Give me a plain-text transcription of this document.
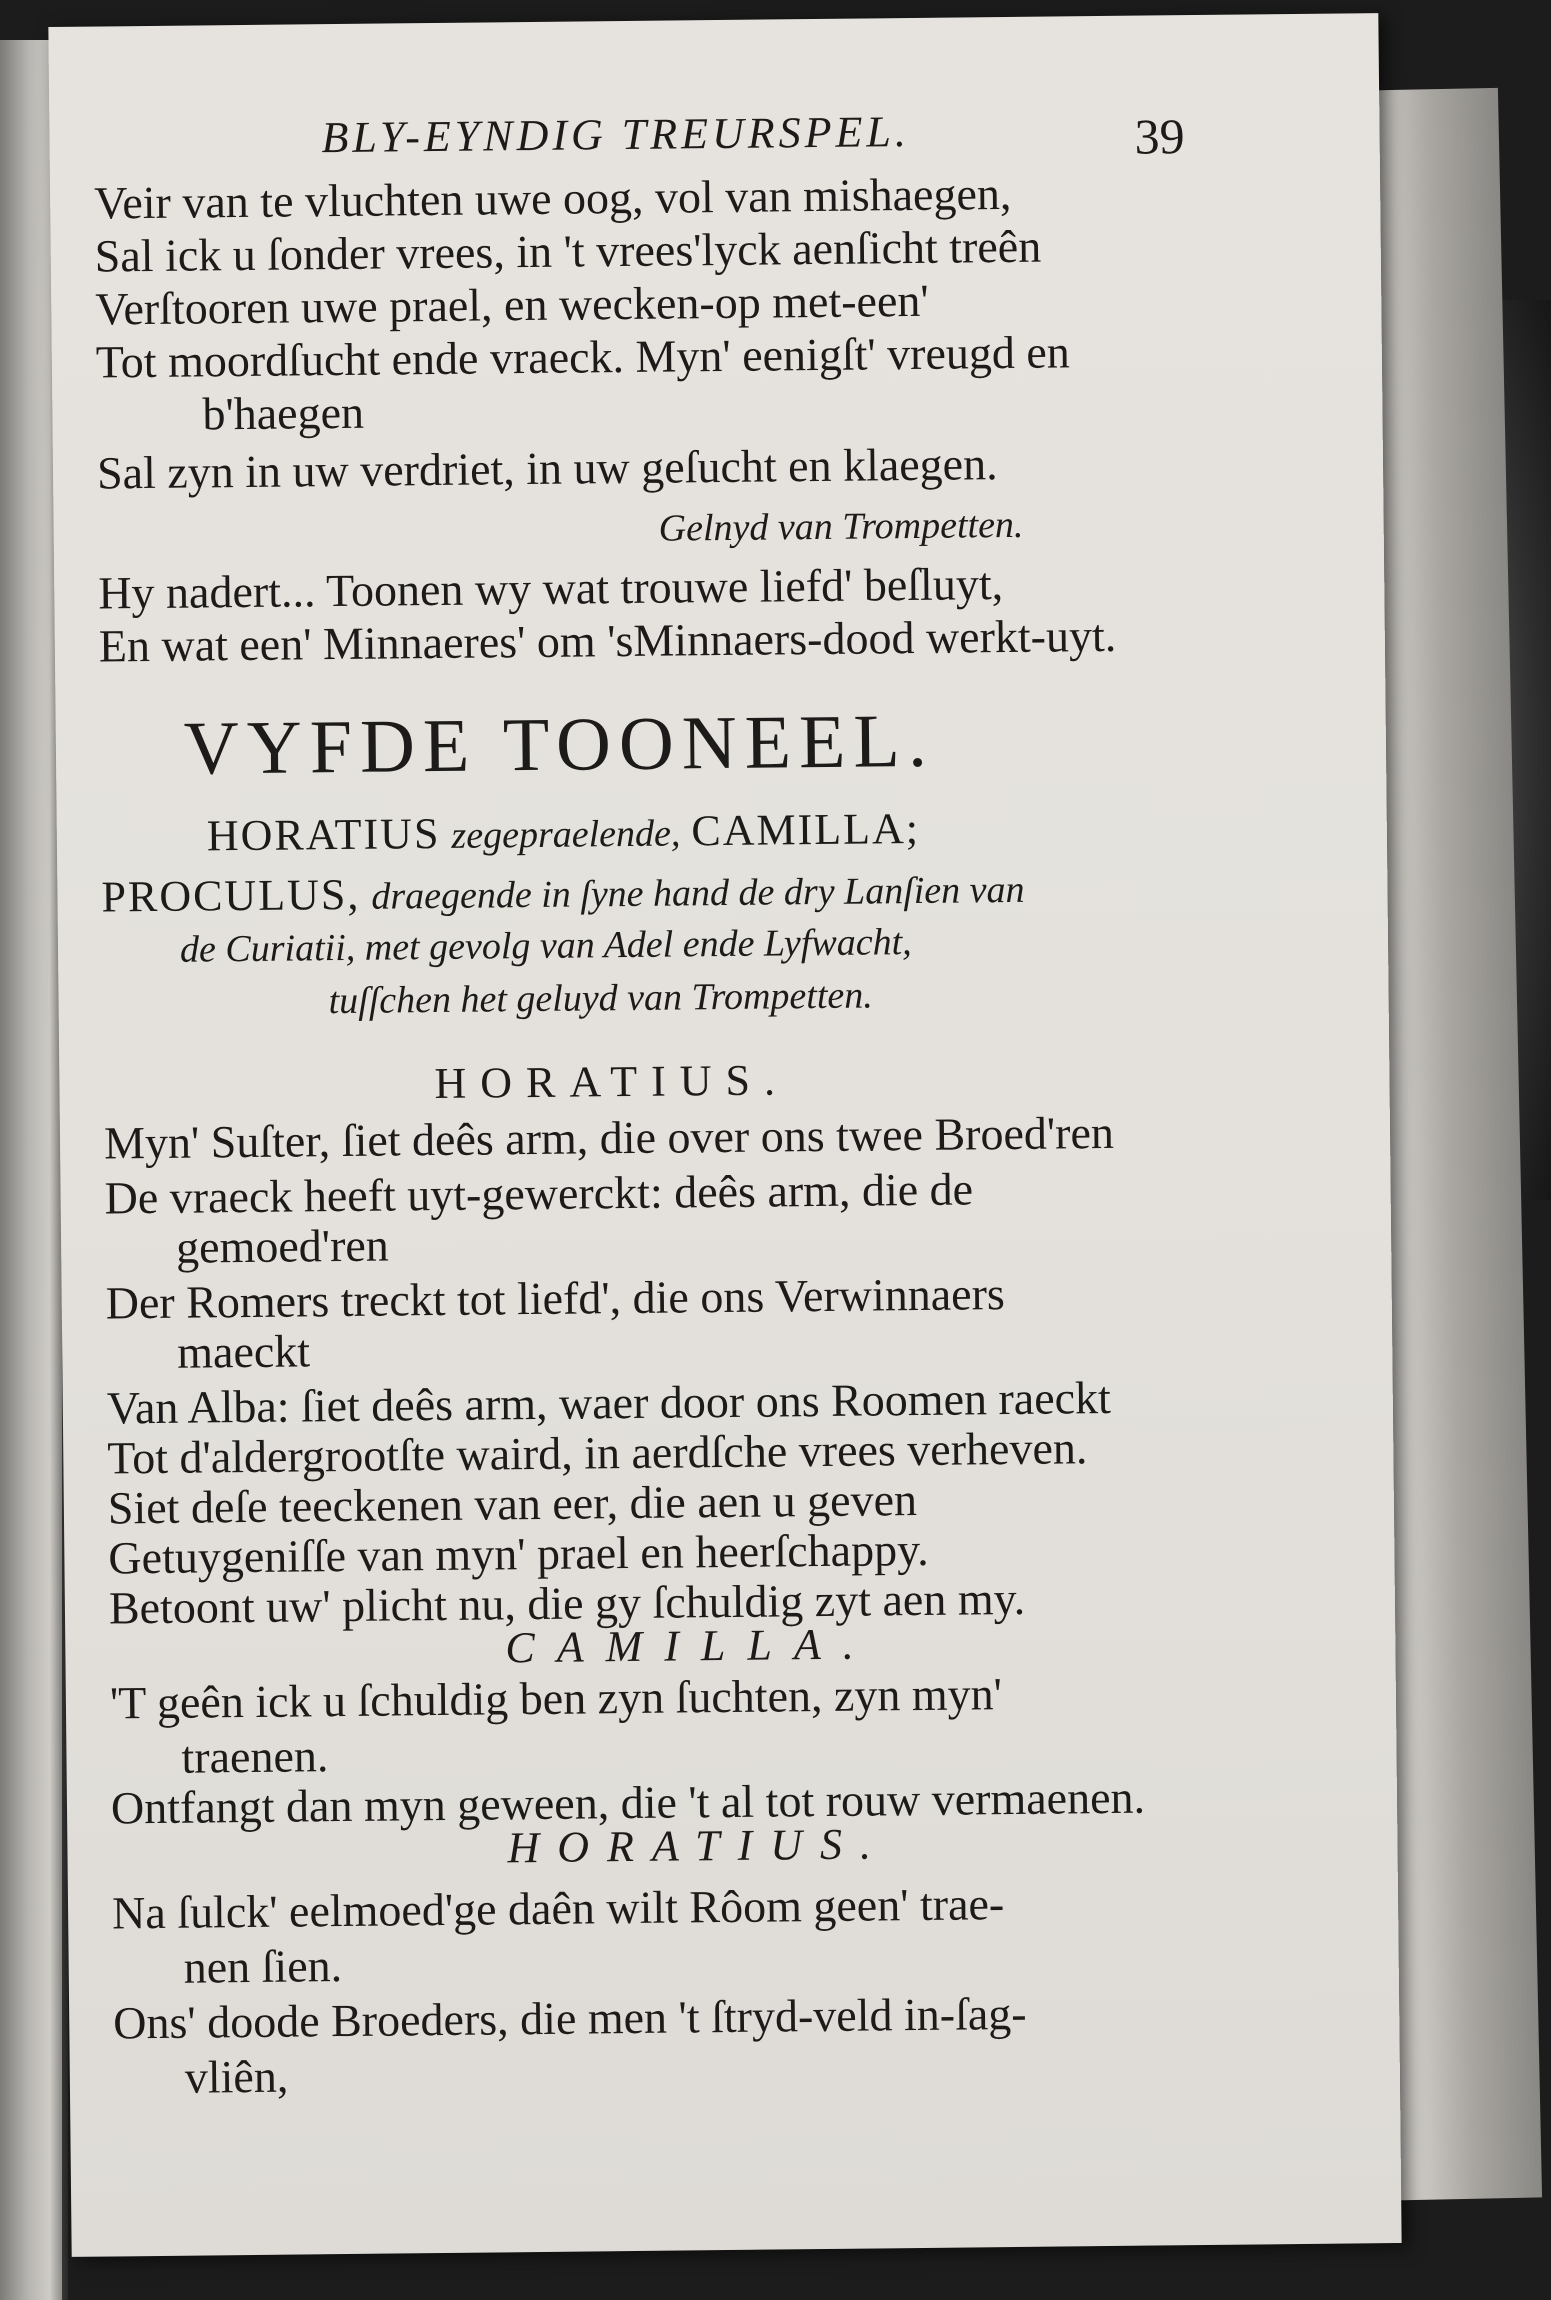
BLY-EYNDIG TREURSPEL.	39
Veir van te vluchten uwe oog, vol van mishaegen,
Sal ick u ſonder vrees, in 't vrees'lyck aenſicht treên
Verſtooren uwe prael, en wecken-op met-een'
Tot moordſucht ende vraeck. Myn' eenigſt' vreugd en
b'haegen
Sal zyn in uw verdriet, in uw geſucht en klaegen.
Gelnyd van Trompetten.
Hy nadert... Toonen wy wat trouwe liefd' beſluyt,
En wat een' Minnaeres' om 'sMinnaers-dood werkt-uyt.
VYFDE TOONEEL.
HORATIUS zegepraelende, CAMILLA;
PROCULUS, draegende in ſyne hand de dry Lanſien van
de Curiatii, met gevolg van Adel ende Lyfwacht,
tuſſchen het geluyd van Trompetten.
HORATIUS.
Myn' Suſter, ſiet deês arm, die over ons twee Broed'ren
De vraeck heeft uyt-gewerckt: deês arm, die de
gemoed'ren
Der Romers treckt tot liefd', die ons Verwinnaers
maeckt
Van Alba: ſiet deês arm, waer door ons Roomen raeckt
Tot d'aldergrootſte waird, in aerdſche vrees verheven.
Siet deſe teeckenen van eer, die aen u geven
Getuygeniſſe van myn' prael en heerſchappy.
Betoont uw' plicht nu, die gy ſchuldig zyt aen my.
CAMILLA.
'T geên ick u ſchuldig ben zyn ſuchten, zyn myn'
traenen.
Ontfangt dan myn geween, die 't al tot rouw vermaenen.
HORATIUS.
Na ſulck' eelmoed'ge daên wilt Rôom geen' trae-
nen ſien.
Ons' doode Broeders, die men 't ſtryd-veld in-ſag-
vliên,
